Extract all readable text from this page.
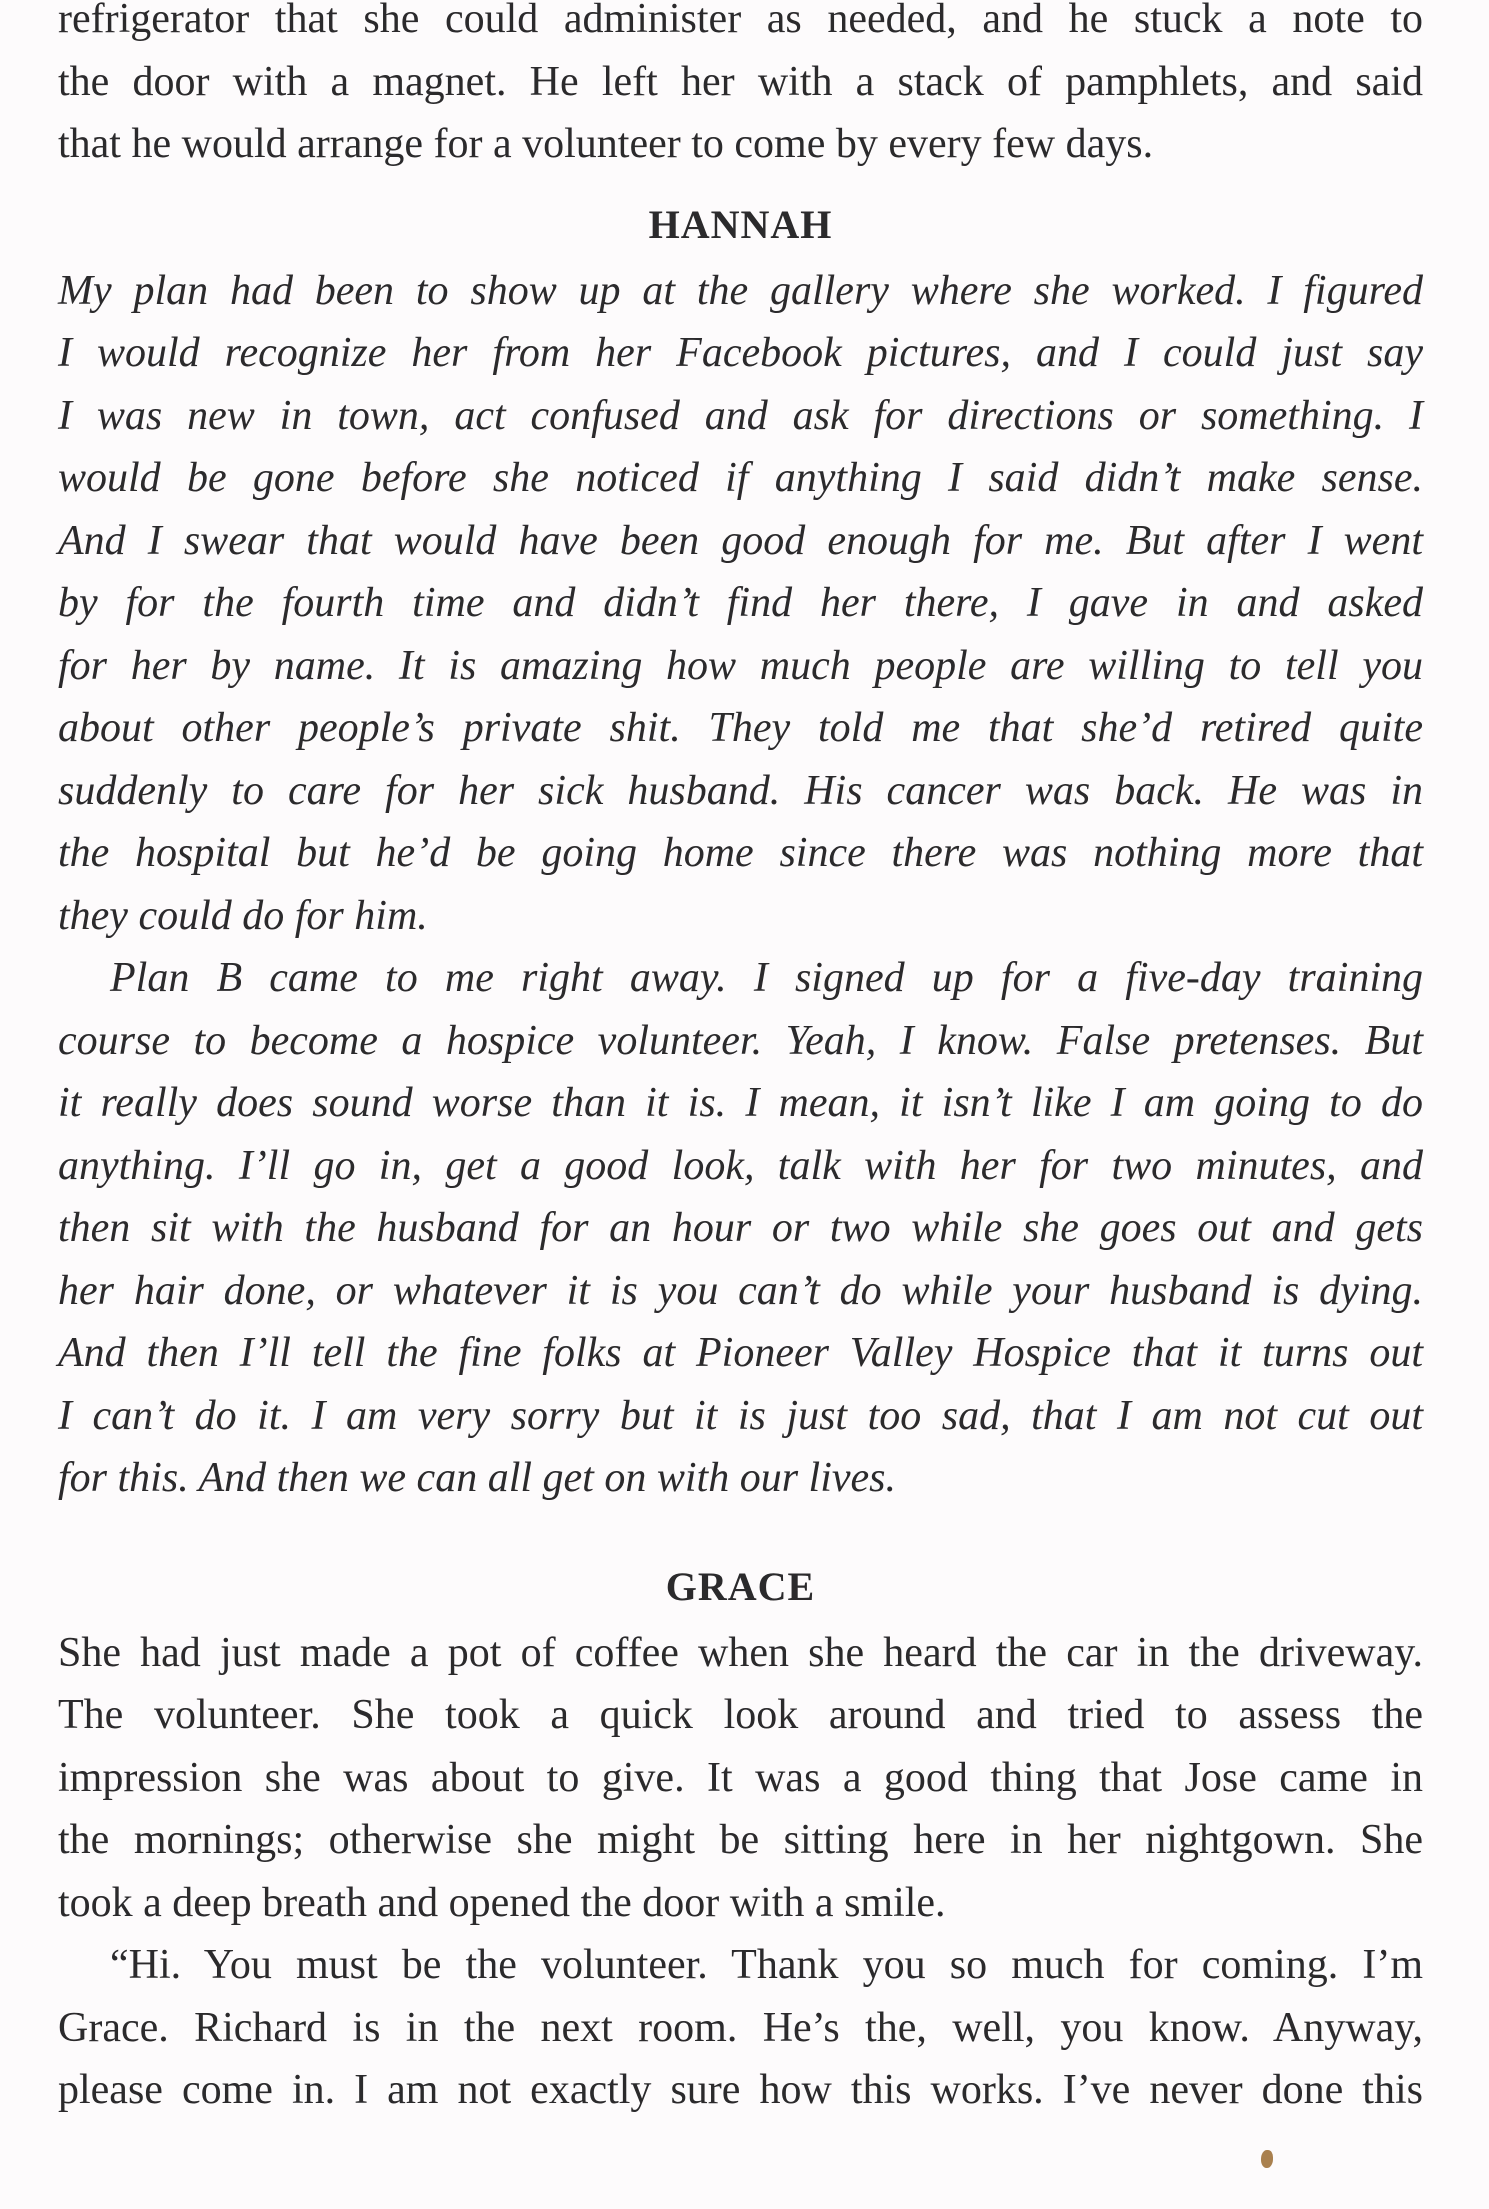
refrigerator that she could administer as needed, and he stuck a note to
the door with a magnet. He left her with a stack of pamphlets, and said
that he would arrange for a volunteer to come by every few days.
HANNAH
My plan had been to show up at the gallery where she worked. I figured
I would recognize her from her Facebook pictures, and I could just say
I was new in town, act confused and ask for directions or something. I
would be gone before she noticed if anything I said didn’t make sense.
And I swear that would have been good enough for me. But after I went
by for the fourth time and didn’t find her there, I gave in and asked
for her by name. It is amazing how much people are willing to tell you
about other people’s private shit. They told me that she’d retired quite
suddenly to care for her sick husband. His cancer was back. He was in
the hospital but he’d be going home since there was nothing more that
they could do for him.
Plan B came to me right away. I signed up for a five-day training
course to become a hospice volunteer. Yeah, I know. False pretenses. But
it really does sound worse than it is. I mean, it isn’t like I am going to do
anything. I’ll go in, get a good look, talk with her for two minutes, and
then sit with the husband for an hour or two while she goes out and gets
her hair done, or whatever it is you can’t do while your husband is dying.
And then I’ll tell the fine folks at Pioneer Valley Hospice that it turns out
I can’t do it. I am very sorry but it is just too sad, that I am not cut out
for this. And then we can all get on with our lives.
GRACE
She had just made a pot of coffee when she heard the car in the driveway.
The volunteer. She took a quick look around and tried to assess the
impression she was about to give. It was a good thing that Jose came in
the mornings; otherwise she might be sitting here in her nightgown. She
took a deep breath and opened the door with a smile.
“Hi. You must be the volunteer. Thank you so much for coming. I’m
Grace. Richard is in the next room. He’s the, well, you know. Anyway,
please come in. I am not exactly sure how this works. I’ve never done this
